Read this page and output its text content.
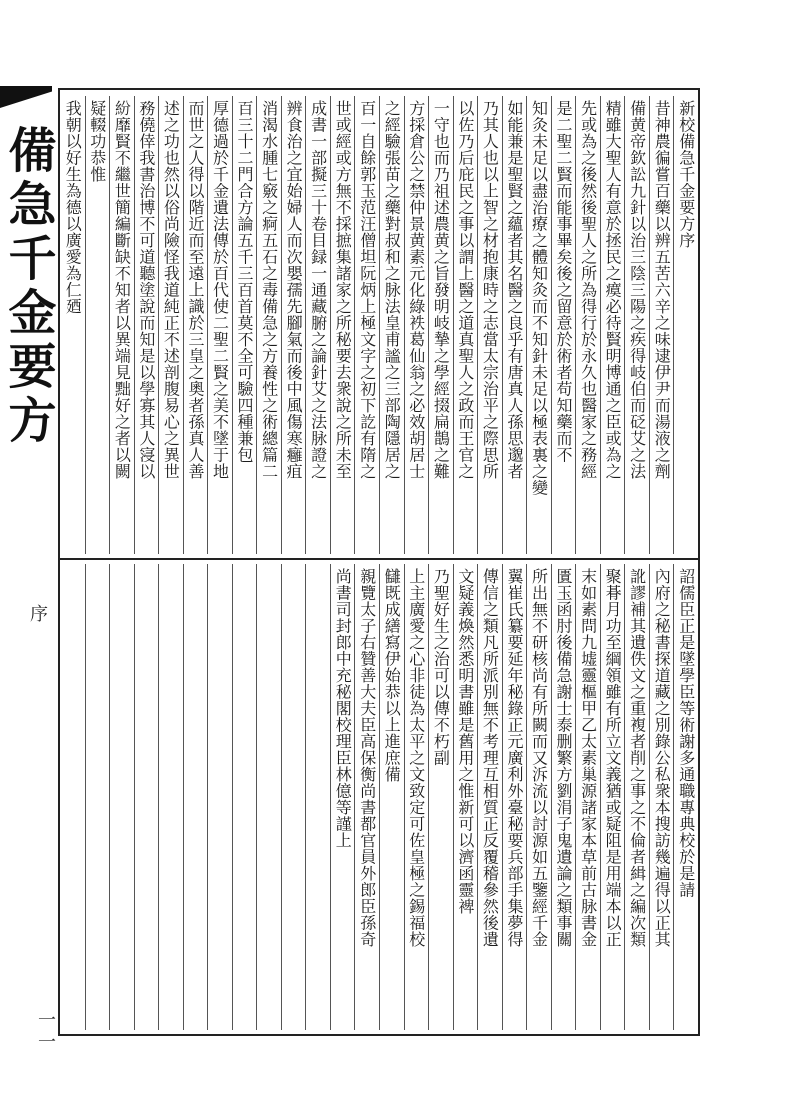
備急千金要方
序
一一
新校備急千金要方序
昔神農徧嘗百藥以辨五苦六辛之味逮伊尹而湯液之劑
備黄帝欽訟九針以治三陰三陽之疾得岐伯而砭艾之法
精雖大聖人有意於拯民之瘼必待賢明博通之臣或為之
先或為之後然後聖人之所為得行於永久也醫家之務經
是二聖二賢而能事畢矣後之留意於術者苟知藥而不
知灸未足以盡治療之體知灸而不知針未足以極表裏之變
如能兼是聖賢之蘊者其名醫之良乎有唐真人孫思邈者
乃其人也以上智之材抱康時之志當太宗治平之際思所
以佐乃后庇民之事以謂上醫之道真聖人之政而王官之
一守也而乃祖述農黄之旨發明岐摯之學經掇扁鵲之難
方採倉公之禁仲景黄素元化綠袟葛仙翁之必效胡居士
之經驗張苗之藥對叔和之脉法皇甫謐之三部陶隱居之
百一自餘郭玉范汪僧坦阮炳上極文字之初下訖有隋之
世或經或方無不採摭集諸家之所秘要去衆說之所未至
成書一部擬三十卷目録一通藏腑之論針艾之法脉證之
辨食治之宜始婦人而次嬰孺先腳氣而後中風傷寒癰疽
消渴水腫七竅之痾五石之毒備急之方養性之術總篇二
百三十二門合方論五千三百首莫不全可驗四種兼包
厚德過於千金遺法傳於百代使二聖二賢之美不墜于地
而世之人得以階近而至遠上識於三皇之奧者孫真人善
述之功也然以俗尚險怪我道純正不述剖腹易心之異世
務僥倖我書治博不可道聽塗說而知是以學寡其人寖以
紛靡賢不繼世簡編斷缺不知者以異端見黜好之者以闕
疑輟功恭惟
我朝以好生為德以廣愛為仁廼
詔儒臣正是墜學臣等術謝多通職專典校於是請
內府之秘書探道藏之別錄公私衆本搜訪幾遍得以正其
訛謬補其遺佚文之重複者削之事之不倫者緝之編次類
聚朞月功至綱領雖有所立文義猶或疑阻是用端本以正
末如素問九墟靈樞甲乙太素巢源諸家本草前古脉書金
匱玉函肘後備急謝士泰删繁方劉涓子鬼遺論之類事關
所出無不研核尚有所闕而又泝流以討源如五鑒經千金
翼崔氏纂要延年秘錄正元廣利外臺秘要兵部手集夢得
傳信之類凡所派別無不考理互相質正反覆稽參然後遺
文疑義煥然悉明書雖是舊用之惟新可以濟函靈裨
乃聖好生之治可以傳不朽副
上主廣愛之心非徒為太平之文致定可佐皇極之錫福校
讎既成繕寫伊始恭以上進庶備
親覽太子右贊善大夫臣高保衡尚書都官員外郎臣孫奇
尚書司封郎中充秘閣校理臣林億等謹上
